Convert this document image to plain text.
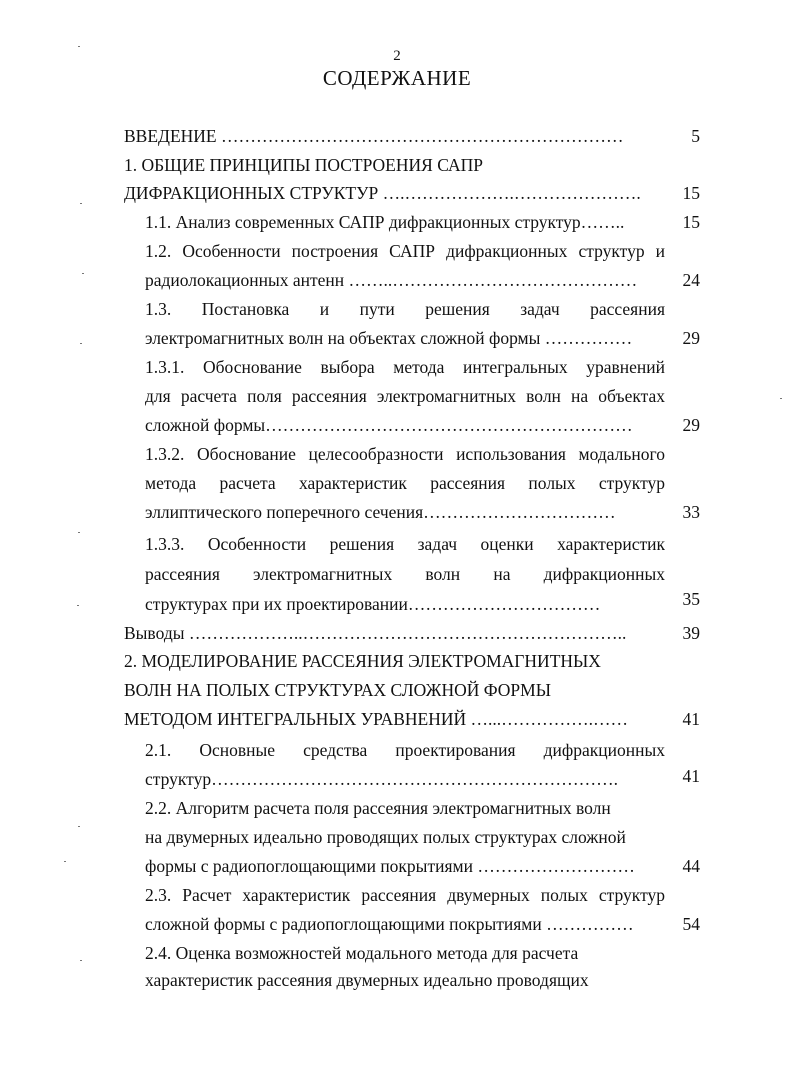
2
СОДЕРЖАНИЕ
ВВЕДЕНИЕ ……………………………………………………………	5
1. ОБЩИЕ ПРИНЦИПЫ ПОСТРОЕНИЯ САПР
ДИФРАКЦИОННЫХ СТРУКТУР ….……………….………………….	15
1.1. Анализ современных САПР дифракционных структур……..	15
1.2. Особенности построения САПР дифракционных структур и
радиолокационных антенн ……..……………………………………	24
1.3. Постановка и пути решения задач рассеяния
электромагнитных волн на объектах сложной формы ……………	29
1.3.1. Обоснование выбора метода интегральных уравнений
для расчета поля рассеяния электромагнитных волн на объектах
сложной формы………………………………………………………	29
1.3.2. Обоснование целесообразности использования модального
метода расчета характеристик рассеяния полых структур
эллиптического поперечного сечения……………………………	33
1.3.3. Особенности решения задач оценки характеристик
рассеяния электромагнитных волн на дифракционных
структурах при их проектировании……………………………	35
Выводы ………………..………………………………………………..	39
2. МОДЕЛИРОВАНИЕ РАССЕЯНИЯ ЭЛЕКТРОМАГНИТНЫХ
ВОЛН НА ПОЛЫХ СТРУКТУРАХ СЛОЖНОЙ ФОРМЫ
МЕТОДОМ ИНТЕГРАЛЬНЫХ УРАВНЕНИЙ …...…………….……	41
2.1. Основные средства проектирования дифракционных
структур…………………………………………………………….	41
2.2. Алгоритм расчета поля рассеяния электромагнитных волн
на двумерных идеально проводящих полых структурах сложной
формы с радиопоглощающими покрытиями ………………………	44
2.3. Расчет характеристик рассеяния двумерных полых структур
сложной формы с радиопоглощающими покрытиями ……………	54
2.4. Оценка возможностей модального метода для расчета
характеристик рассеяния двумерных идеально проводящих
